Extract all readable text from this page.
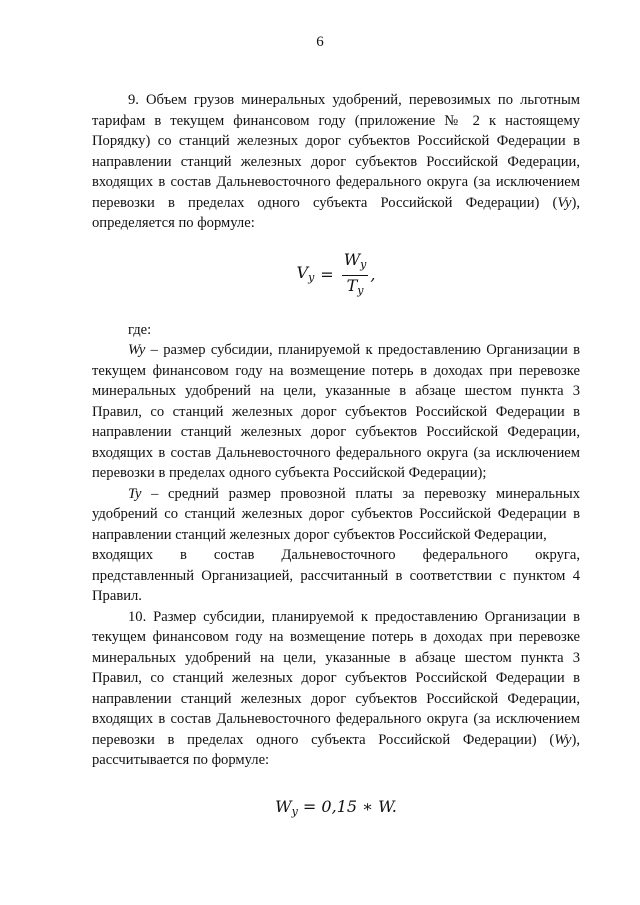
6

9. Объем грузов минеральных удобрений, перевозимых по льготным тарифам в текущем финансовом году (приложение № 2 к настоящему Порядку) со станций железных дорог субъектов Российской Федерации в направлении станций железных дорог субъектов Российской Федерации, входящих в состав Дальневосточного федерального округа (за исключением перевозки в пределах одного субъекта Российской Федерации) (Vy), определяется по формуле:

$V_y = \frac{W_y}{T_y}$ ,

где:

Wy – размер субсидии, планируемой к предоставлению Организации в текущем финансовом году на возмещение потерь в доходах при перевозке минеральных удобрений на цели, указанные в абзаце шестом пункта 3 Правил, со станций железных дорог субъектов Российской Федерации в направлении станций железных дорог субъектов Российской Федерации, входящих в состав Дальневосточного федерального округа (за исключением перевозки в пределах одного субъекта Российской Федерации);

Ty – средний размер провозной платы за перевозку минеральных удобрений со станций железных дорог субъектов Российской Федерации в направлении станций железных дорог субъектов Российской Федерации,

входящих в состав Дальневосточного федерального округа,

представленный Организацией, рассчитанный в соответствии с пунктом 4 Правил.

10. Размер субсидии, планируемой к предоставлению Организации в текущем финансовом году на возмещение потерь в доходах при перевозке минеральных удобрений на цели, указанные в абзаце шестом пункта 3 Правил, со станций железных дорог субъектов Российской Федерации в направлении станций железных дорог субъектов Российской Федерации, входящих в состав Дальневосточного федерального округа (за исключением перевозки в пределах одного субъекта Российской Федерации) (Wy), рассчитывается по формуле:

$W_y = 0,15$ ∗ W.
